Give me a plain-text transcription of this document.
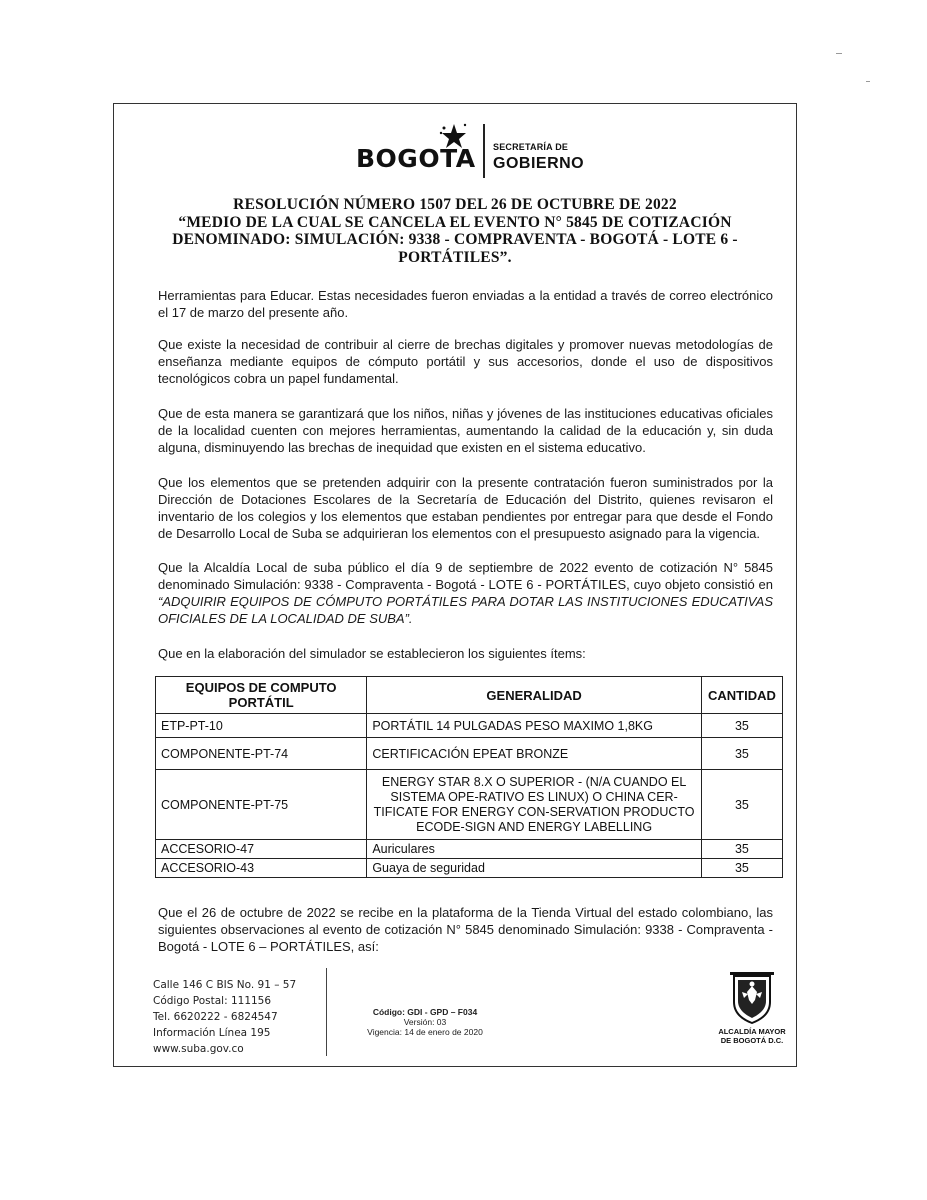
BOGOTA SECRETARÍA DE
GOBIERNO
RESOLUCIÓN NÚMERO 1507 DEL 26 DE OCTUBRE DE 2022
“MEDIO DE LA CUAL SE CANCELA EL EVENTO N° 5845 DE COTIZACIÓN
DENOMINADO: SIMULACIÓN: 9338 - COMPRAVENTA - BOGOTÁ - LOTE 6 -
PORTÁTILES”.
Herramientas para Educar. Estas necesidades fueron enviadas a la entidad a través de correo electrónico el 17 de marzo del presente año.
Que existe la necesidad de contribuir al cierre de brechas digitales y promover nuevas metodologías de enseñanza mediante equipos de cómputo portátil y sus accesorios, donde el uso de dispositivos tecnológicos cobra un papel fundamental.
Que de esta manera se garantizará que los niños, niñas y jóvenes de las instituciones educativas oficiales de la localidad cuenten con mejores herramientas, aumentando la calidad de la educación y, sin duda alguna, disminuyendo las brechas de inequidad que existen en el sistema educativo.
Que los elementos que se pretenden adquirir con la presente contratación fueron suministrados por la Dirección de Dotaciones Escolares de la Secretaría de Educación del Distrito, quienes revisaron el inventario de los colegios y los elementos que estaban pendientes por entregar para que desde el Fondo de Desarrollo Local de Suba se adquirieran los elementos con el presupuesto asignado para la vigencia.
Que la Alcaldía Local de suba público el día 9 de septiembre de 2022 evento de cotización N° 5845 denominado Simulación: 9338 - Compraventa - Bogotá - LOTE 6 - PORTÁTILES, cuyo objeto consistió en “ADQUIRIR EQUIPOS DE CÓMPUTO PORTÁTILES PARA DOTAR LAS INSTITUCIONES EDUCATIVAS OFICIALES DE LA LOCALIDAD DE SUBA”.
Que en la elaboración del simulador se establecieron los siguientes ítems:
EQUIPOS DE COMPUTO PORTÁTIL	GENERALIDAD	CANTIDAD
ETP-PT-10	PORTÁTIL 14 PULGADAS PESO MAXIMO 1,8KG	35
COMPONENTE-PT-74	CERTIFICACIÓN EPEAT BRONZE	35
COMPONENTE-PT-75	ENERGY STAR 8.X O SUPERIOR - (N/A CUANDO EL SISTEMA OPE-RATIVO ES LINUX) O CHINA CER-TIFICATE FOR ENERGY CON-SERVATION PRODUCTO ECODE-SIGN AND ENERGY LABELLING	35
ACCESORIO-47	Auriculares	35
ACCESORIO-43	Guaya de seguridad	35
Que el 26 de octubre de 2022 se recibe en la plataforma de la Tienda Virtual del estado colombiano, las siguientes observaciones al evento de cotización N° 5845 denominado Simulación: 9338 - Compraventa - Bogotá - LOTE 6 – PORTÁTILES, así:
Calle 146 C BIS No. 91 – 57
Código Postal: 111156
Tel. 6620222 - 6824547
Información Línea 195
www.suba.gov.co
Código: GDI - GPD – F034
Versión: 03
Vigencia: 14 de enero de 2020	ALCALDÍA MAYOR
DE BOGOTÁ D.C.
